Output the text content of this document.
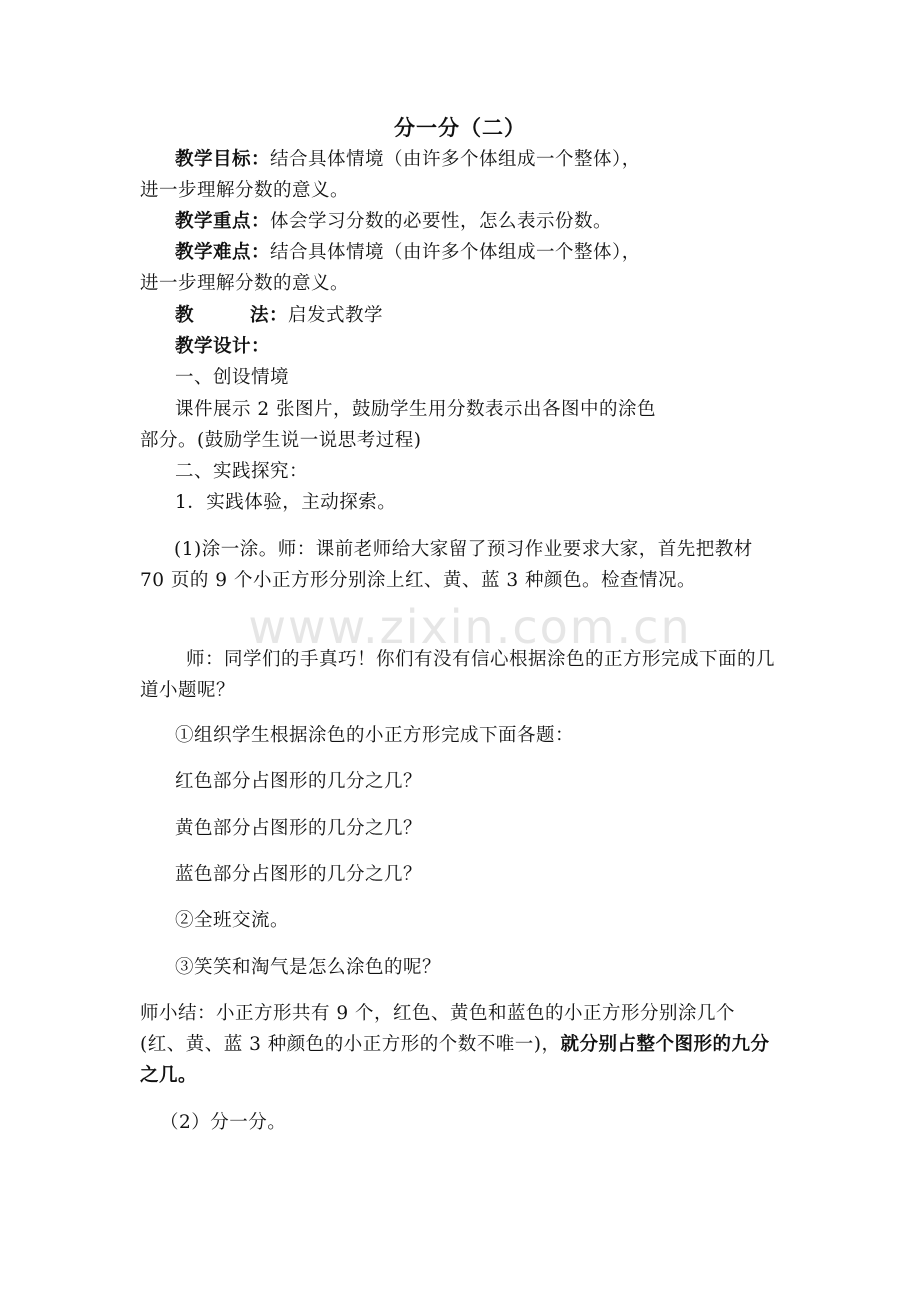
www.zixin.com.cn
分一分（二）
教学目标：结合具体情境（由许多个体组成一个整体），
进一步理解分数的意义。
教学重点：体会学习分数的必要性，怎么表示份数。
教学难点：结合具体情境（由许多个体组成一个整体），
进一步理解分数的意义。
教	法：启发式教学
教学设计：
一、创设情境
课件展示 2 张图片，鼓励学生用分数表示出各图中的涂色
部分。(鼓励学生说一说思考过程)
二、实践探究：
1．实践体验，主动探索。
(1)涂一涂。师：课前老师给大家留了预习作业要求大家，首先把教材 70 页的 9 个小正方形分别涂上红、黄、蓝 3 种颜色。检查情况。
师：同学们的手真巧！你们有没有信心根据涂色的正方形完成下面的几道小题呢？
①组织学生根据涂色的小正方形完成下面各题：
红色部分占图形的几分之几？
黄色部分占图形的几分之几？
蓝色部分占图形的几分之几？
②全班交流。
③笑笑和淘气是怎么涂色的呢？
师小结：小正方形共有 9 个，红色、黄色和蓝色的小正方形分别涂几个(红、黄、蓝 3 种颜色的小正方形的个数不唯一)，就分别占整个图形的九分之几。
（2）分一分。
